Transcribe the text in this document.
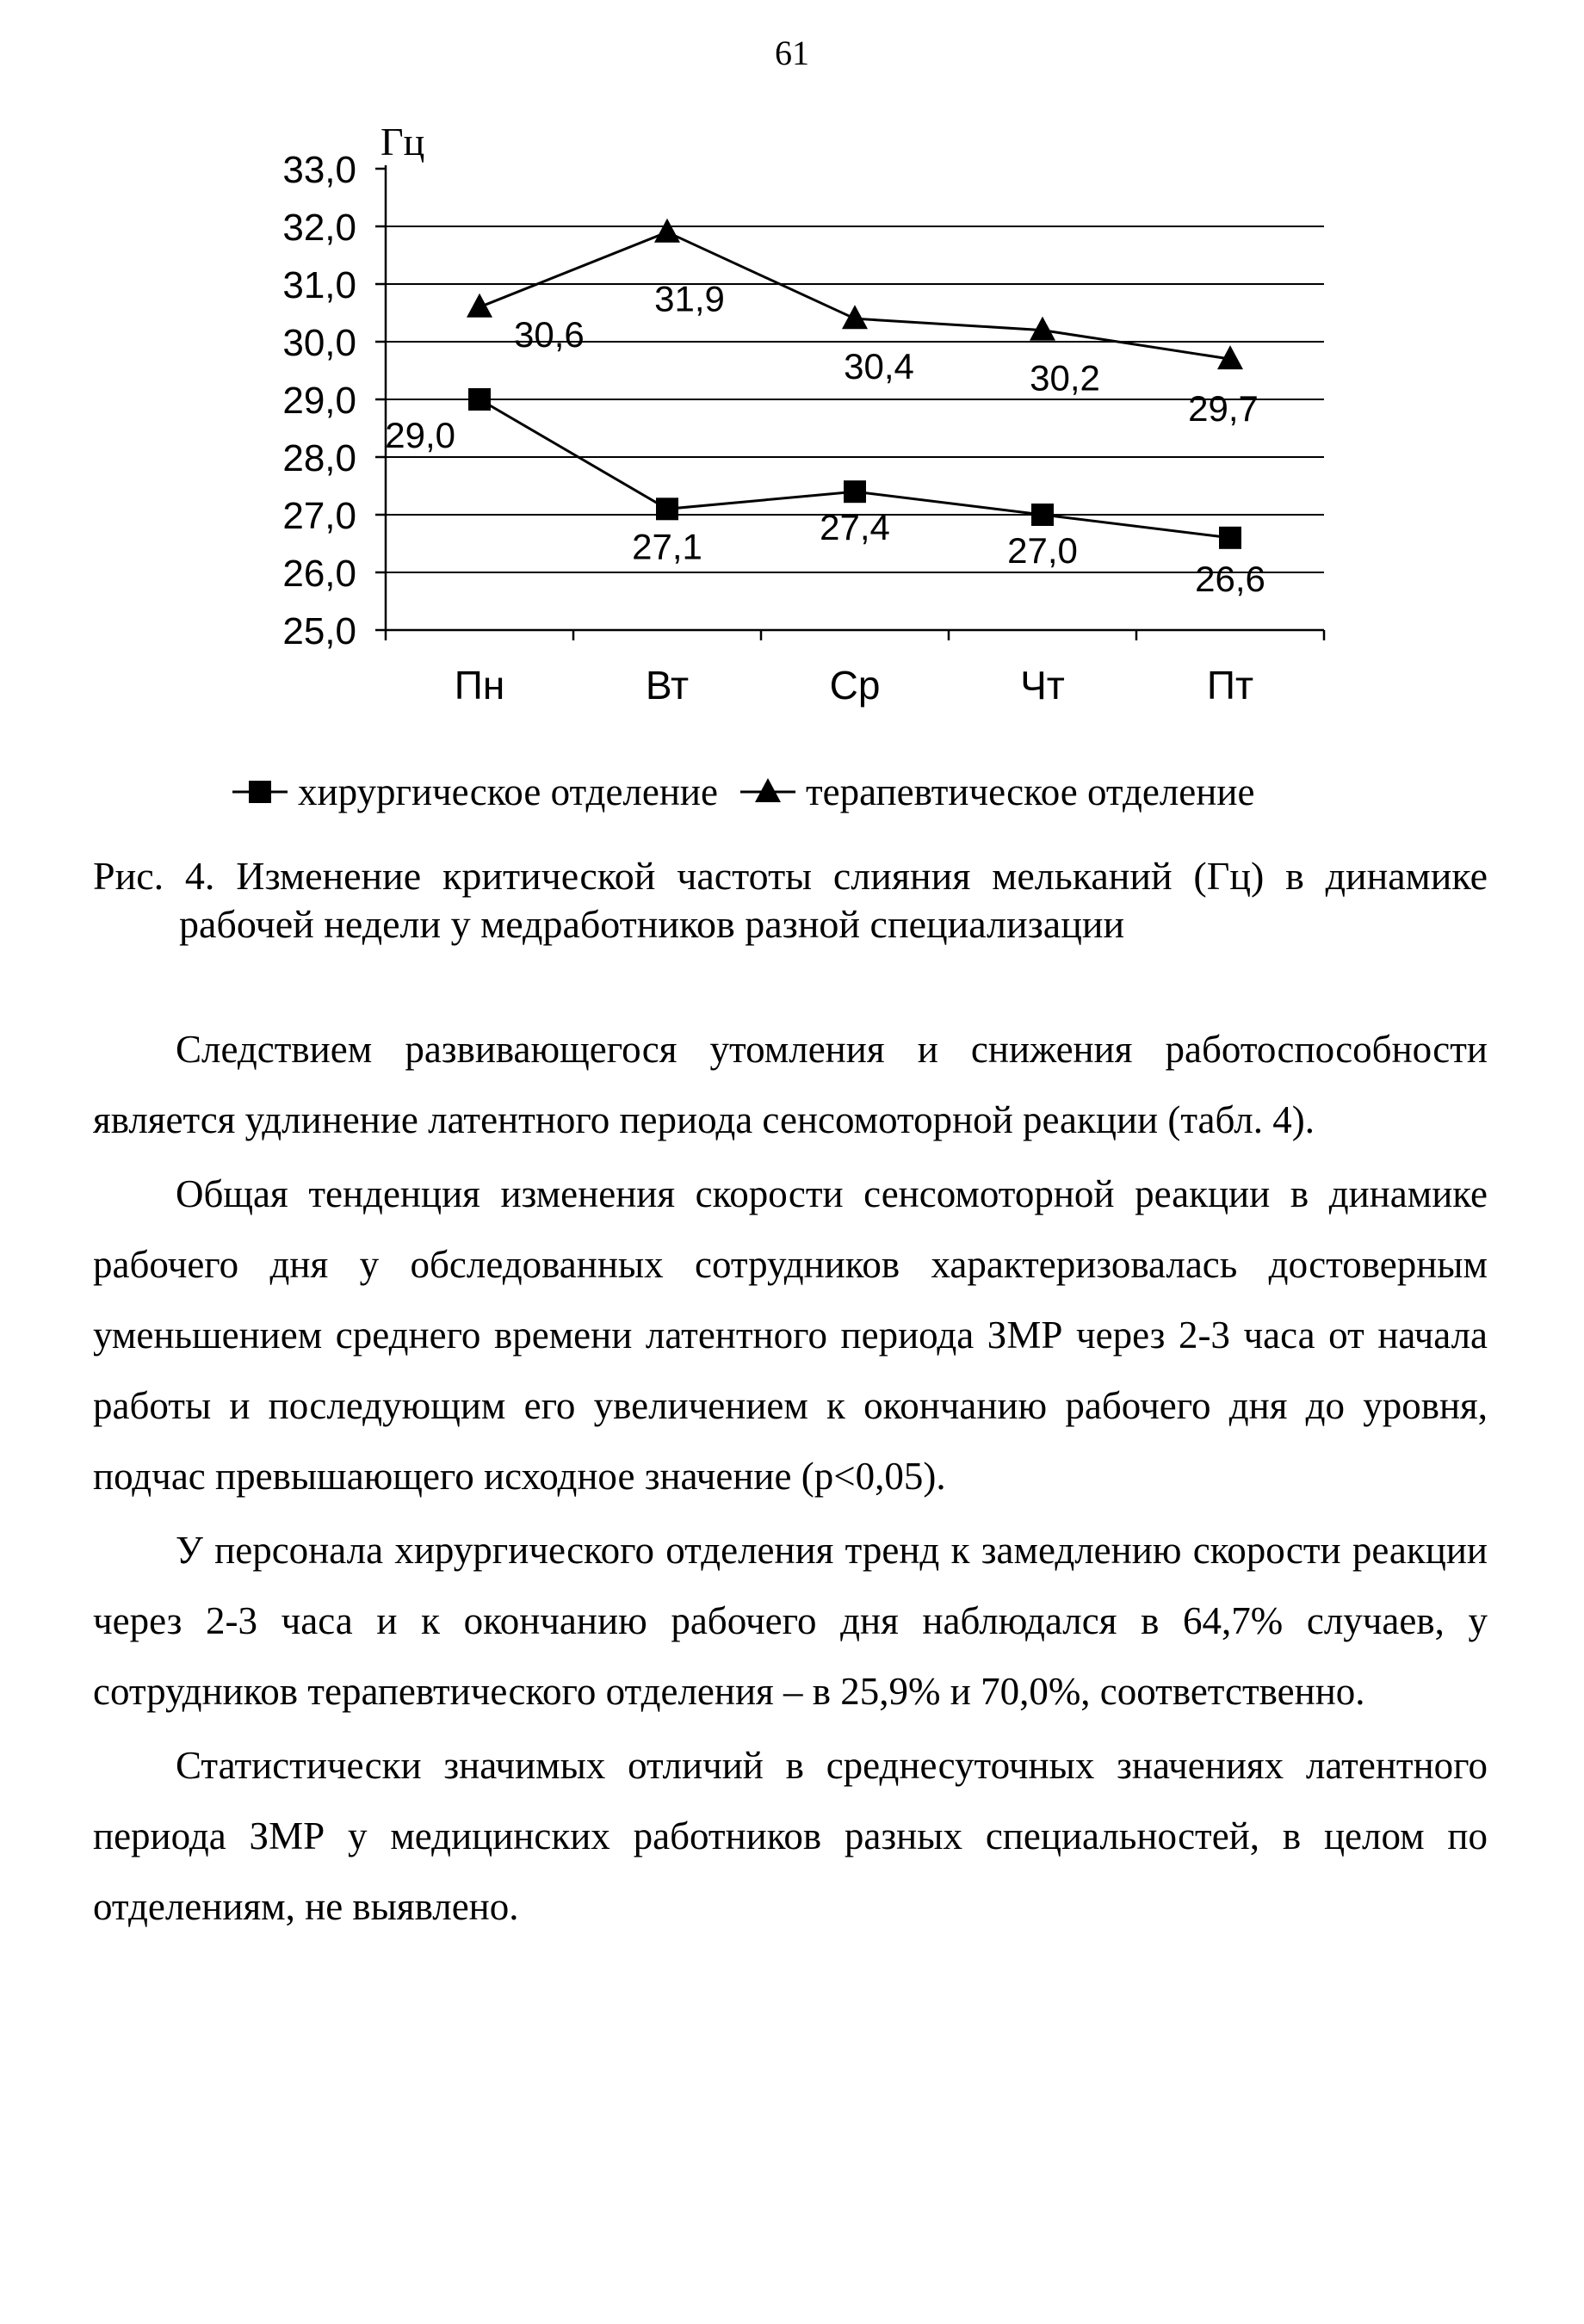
61
33,0
32,0
31,0
30,0
29,0
28,0
27,0
26,0
25,0
Гц
Пн	Вт	Ср	Чт	Пт
29,0
27,1	27,4
27,0
26,6
30,6
31,9
30,4	30,2
29,7
хирургическое отделение терапевтическое отделение
Рис. 4. Изменение критической частоты слияния мельканий (Гц) в динамике рабочей недели у медработников разной специализации

Следствием развивающегося утомления и снижения работоспособности является удлинение латентного периода сенсомоторной реакции (табл. 4).

Общая тенденция изменения скорости сенсомоторной реакции в динамике рабочего дня у обследованных сотрудников характеризовалась достоверным уменьшением среднего времени латентного периода ЗМР через 2-3 часа от начала работы и последующим его увеличением к окончанию рабочего дня до уровня, подчас превышающего исходное значение (p<0,05).

У персонала хирургического отделения тренд к замедлению скорости реакции через 2-3 часа и к окончанию рабочего дня наблюдался в 64,7% случаев, у сотрудников терапевтического отделения – в 25,9% и 70,0%, соответственно.

Статистически значимых отличий в среднесуточных значениях латентного периода ЗМР у медицинских работников разных специальностей, в целом по отделениям, не выявлено.
